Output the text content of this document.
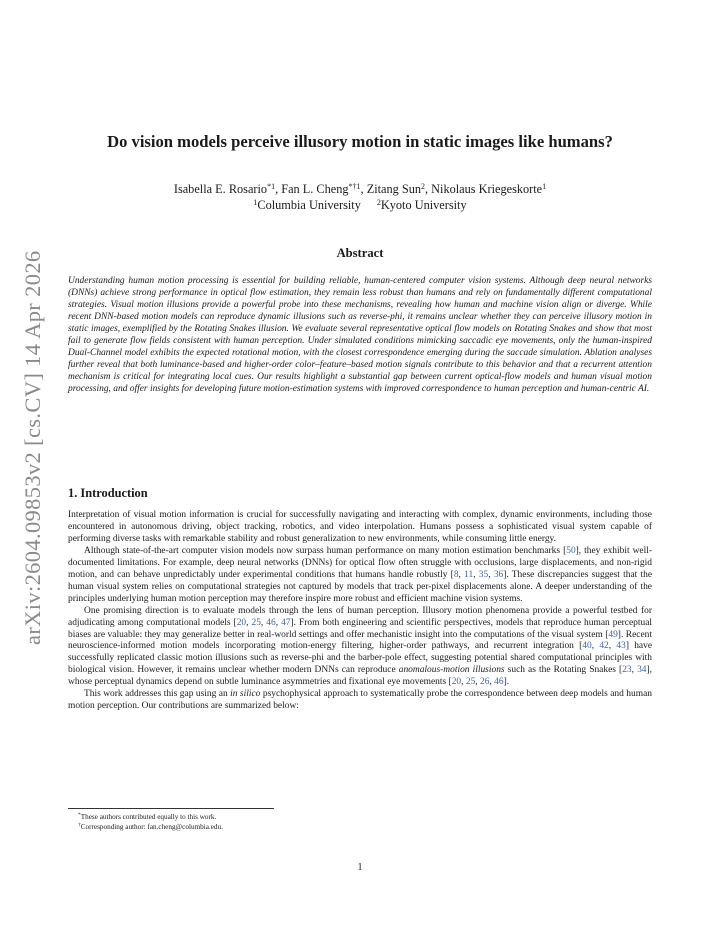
arXiv:2604.09853v2 [cs.CV] 14 Apr 2026
Do vision models perceive illusory motion in static images like humans?
Isabella E. Rosario$^{*1}$, Fan L. Cheng$^{*\dagger 1}$, Zitang Sun$^2$, Nikolaus Kriegeskorte$^1$
$^1$Columbia University $^2$Kyoto University
Abstract
Understanding human motion processing is essential for building reliable, human-centered computer vision systems. Although deep neural networks (DNNs) achieve strong performance in optical flow estimation, they remain less robust than humans and rely on fundamentally different computational strategies. Visual motion illusions provide a powerful probe into these mechanisms, revealing how human and machine vision align or diverge. While recent DNN-based motion models can reproduce dynamic illusions such as reverse-phi, it remains unclear whether they can perceive illusory motion in static images, exemplified by the Rotating Snakes illusion. We evaluate several representative optical flow models on Rotating Snakes and show that most fail to generate flow fields consistent with human perception. Under simulated conditions mimicking saccadic eye movements, only the human-inspired Dual-Channel model exhibits the expected rotational motion, with the closest correspondence emerging during the saccade simulation. Ablation analyses further reveal that both luminance-based and higher-order color–feature–based motion signals contribute to this behavior and that a recurrent attention mechanism is critical for integrating local cues. Our results highlight a substantial gap between current optical-flow models and human visual motion processing, and offer insights for developing future motion-estimation systems with improved correspondence to human perception and human-centric AI.
1. Introduction

Interpretation of visual motion information is crucial for successfully navigating and interacting with complex, dynamic environments, including those encountered in autonomous driving, object tracking, robotics, and video interpolation. Humans possess a sophisticated visual system capable of performing diverse tasks with remarkable stability and robust generalization to new environments, while consuming little energy.

Although state-of-the-art computer vision models now surpass human performance on many motion estimation benchmarks [50], they exhibit well-documented limitations. For example, deep neural networks (DNNs) for optical flow often struggle with occlusions, large displacements, and non-rigid motion, and can behave unpredictably under experimental conditions that humans handle robustly [8, 11, 35, 36]. These discrepancies suggest that the human visual system relies on computational strategies not captured by models that track per-pixel displacements alone. A deeper understanding of the principles underlying human motion perception may therefore inspire more robust and efficient machine vision systems.

One promising direction is to evaluate models through the lens of human perception. Illusory motion phenomena provide a powerful testbed for adjudicating among computational models [20, 25, 46, 47]. From both engineering and scientific perspectives, models that reproduce human perceptual biases are valuable: they may generalize better in real-world settings and offer mechanistic insight into the computations of the visual system [49]. Recent neuroscience-informed motion models incorporating motion-energy filtering, higher-order pathways, and recurrent integration [40, 42, 43] have successfully replicated classic motion illusions such as reverse-phi and the barber-pole effect, suggesting potential shared computational principles with biological vision. However, it remains unclear whether modern DNNs can reproduce anomalous-motion illusions such as the Rotating Snakes [23, 34], whose perceptual dynamics depend on subtle luminance asymmetries and fixational eye movements [20, 25, 26, 46].

This work addresses this gap using an in silico psychophysical approach to systematically probe the correspondence between deep models and human motion perception. Our contributions are summarized below:

*These authors contributed equally to this work.
†Corresponding author: fan.cheng@columbia.edu.
1
